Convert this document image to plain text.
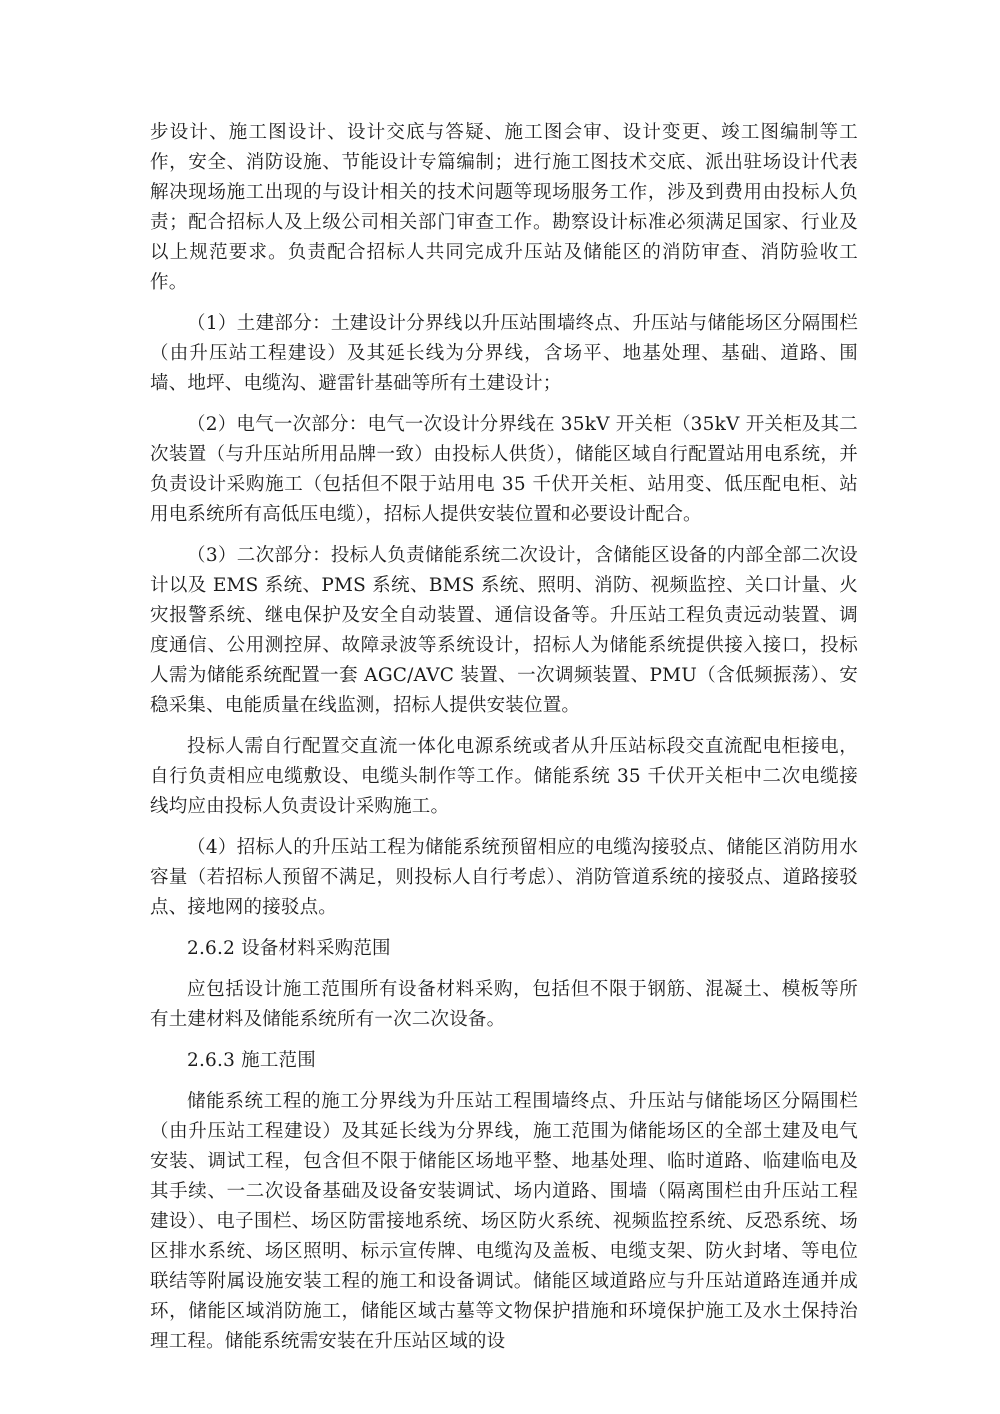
步设计、施工图设计、设计交底与答疑、施工图会审、设计变更、竣工图编制等工作，安全、消防设施、节能设计专篇编制；进行施工图技术交底、派出驻场设计代表解决现场施工出现的与设计相关的技术问题等现场服务工作，涉及到费用由投标人负责；配合招标人及上级公司相关部门审查工作。勘察设计标准必须满足国家、行业及以上规范要求。负责配合招标人共同完成升压站及储能区的消防审查、消防验收工作。

（1）土建部分：土建设计分界线以升压站围墙终点、升压站与储能场区分隔围栏（由升压站工程建设）及其延长线为分界线，含场平、地基处理、基础、道路、围墙、地坪、电缆沟、避雷针基础等所有土建设计；

（2）电气一次部分：电气一次设计分界线在 35kV 开关柜（35kV 开关柜及其二次装置（与升压站所用品牌一致）由投标人供货），储能区域自行配置站用电系统，并负责设计采购施工（包括但不限于站用电 35 千伏开关柜、站用变、低压配电柜、站用电系统所有高低压电缆），招标人提供安装位置和必要设计配合。

（3）二次部分：投标人负责储能系统二次设计，含储能区设备的内部全部二次设计以及 EMS 系统、PMS 系统、BMS 系统、照明、消防、视频监控、关口计量、火灾报警系统、继电保护及安全自动装置、通信设备等。升压站工程负责远动装置、调度通信、公用测控屏、故障录波等系统设计，招标人为储能系统提供接入接口，投标人需为储能系统配置一套 AGC/AVC 装置、一次调频装置、PMU（含低频振荡）、安稳采集、电能质量在线监测，招标人提供安装位置。

投标人需自行配置交直流一体化电源系统或者从升压站标段交直流配电柜接电，自行负责相应电缆敷设、电缆头制作等工作。储能系统 35 千伏开关柜中二次电缆接线均应由投标人负责设计采购施工。

（4）招标人的升压站工程为储能系统预留相应的电缆沟接驳点、储能区消防用水容量（若招标人预留不满足，则投标人自行考虑）、消防管道系统的接驳点、道路接驳点、接地网的接驳点。

2.6.2 设备材料采购范围

应包括设计施工范围所有设备材料采购，包括但不限于钢筋、混凝土、模板等所有土建材料及储能系统所有一次二次设备。

2.6.3 施工范围

储能系统工程的施工分界线为升压站工程围墙终点、升压站与储能场区分隔围栏（由升压站工程建设）及其延长线为分界线，施工范围为储能场区的全部土建及电气安装、调试工程，包含但不限于储能区场地平整、地基处理、临时道路、临建临电及其手续、一二次设备基础及设备安装调试、场内道路、围墙（隔离围栏由升压站工程建设）、电子围栏、场区防雷接地系统、场区防火系统、视频监控系统、反恐系统、场区排水系统、场区照明、标示宣传牌、电缆沟及盖板、电缆支架、防火封堵、等电位联结等附属设施安装工程的施工和设备调试。储能区域道路应与升压站道路连通并成环，储能区域消防施工，储能区域古墓等文物保护措施和环境保护施工及水土保持治理工程。储能系统需安装在升压站区域的设
